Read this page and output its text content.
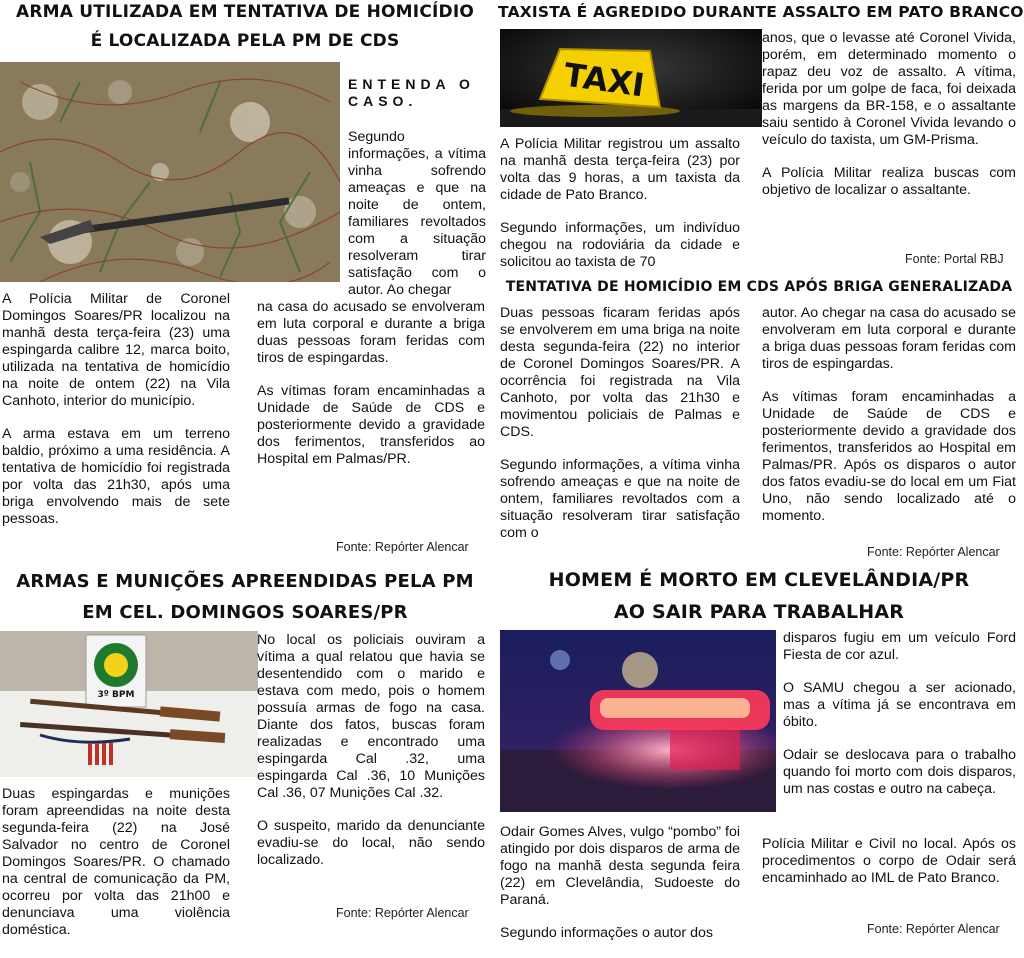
ARMA UTILIZADA EM TENTATIVA DE HOMICÍDIO
É LOCALIZADA PELA PM DE CDS
ENTENDA O CASO.

Segundo informações, a vítima vinha sofrendo ameaças e que na noite de ontem, familiares revoltados com a situação resolveram tirar satisfação com o autor. Ao chegar

na casa do acusado se envolveram em luta corporal e durante a briga duas pessoas foram feridas com tiros de espingardas.

As vítimas foram encaminhadas a Unidade de Saúde de CDS e posteriormente devido a gravidade dos ferimentos, transferidos ao Hospital em Palmas/PR.

A Polícia Militar de Coronel Domingos Soares/PR localizou na manhã desta terça-feira (23) uma espingarda calibre 12, marca boito, utilizada na tentativa de homicídio na noite de ontem (22) na Vila Canhoto, interior do município.

A arma estava em um terreno baldio, próximo a uma residência. A tentativa de homicídio foi registrada por volta das 21h30, após uma briga envolvendo mais de sete pessoas.

Fonte: Repórter Alencar
TAXISTA É AGREDIDO DURANTE ASSALTO EM PATO BRANCO
TAXI

A Polícia Militar registrou um assalto na manhã desta terça-feira (23) por volta das 9 horas, a um taxista da cidade de Pato Branco.

Segundo informações, um indivíduo chegou na rodoviária da cidade e solicitou ao taxista de 70

anos, que o levasse até Coronel Vivida, porém, em determinado momento o rapaz deu voz de assalto. A vítima, ferida por um golpe de faca, foi deixada as margens da BR-158, e o assaltante saiu sentido à Coronel Vivida levando o veículo do taxista, um GM-Prisma.

A Polícia Militar realiza buscas com objetivo de localizar o assaltante.

Fonte: Portal RBJ
TENTATIVA DE HOMICÍDIO EM CDS APÓS BRIGA GENERALIZADA

Duas pessoas ficaram feridas após se envolverem em uma briga na noite desta segunda-feira (22) no interior de Coronel Domingos Soares/PR. A ocorrência foi registrada na Vila Canhoto, por volta das 21h30 e movimentou policiais de Palmas e CDS.

Segundo informações, a vítima vinha sofrendo ameaças e que na noite de ontem, familiares revoltados com a situação resolveram tirar satisfação com o

autor. Ao chegar na casa do acusado se envolveram em luta corporal e durante a briga duas pessoas foram feridas com tiros de espingardas.

As vítimas foram encaminhadas a Unidade de Saúde de CDS e posteriormente devido a gravidade dos ferimentos, transferidos ao Hospital em Palmas/PR. Após os disparos o autor dos fatos evadiu-se do local em um Fiat Uno, não sendo localizado até o momento.

Fonte: Repórter Alencar
ARMAS E MUNIÇÕES APREENDIDAS PELA PM
EM CEL. DOMINGOS SOARES/PR
3º BPM

No local os policiais ouviram a vítima a qual relatou que havia se desentendido com o marido e estava com medo, pois o homem possuía armas de fogo na casa. Diante dos fatos, buscas foram realizadas e encontrado uma espingarda Cal .32, uma espingarda Cal .36, 10 Munições Cal .36, 07 Munições Cal .32.

O suspeito, marido da denunciante evadiu-se do local, não sendo localizado.

Duas espingardas e munições foram apreendidas na noite desta segunda-feira (22) na José Salvador no centro de Coronel Domingos Soares/PR. O chamado na central de comunicação da PM, ocorreu por volta das 21h00 e denunciava uma violência doméstica.

Fonte: Repórter Alencar
HOMEM É MORTO EM CLEVELÂNDIA/PR
AO SAIR PARA TRABALHAR

Odair Gomes Alves, vulgo “pombo” foi atingido por dois disparos de arma de fogo na manhã desta segunda feira (22) em Clevelândia, Sudoeste do Paraná.

Segundo informações o autor dos

disparos fugiu em um veículo Ford Fiesta de cor azul.

O SAMU chegou a ser acionado, mas a vítima já se encontrava em óbito.

Odair se deslocava para o trabalho quando foi morto com dois disparos, um nas costas e outro na cabeça.

Polícia Militar e Civil no local. Após os procedimentos o corpo de Odair será encaminhado ao IML de Pato Branco.

Fonte: Repórter Alencar
